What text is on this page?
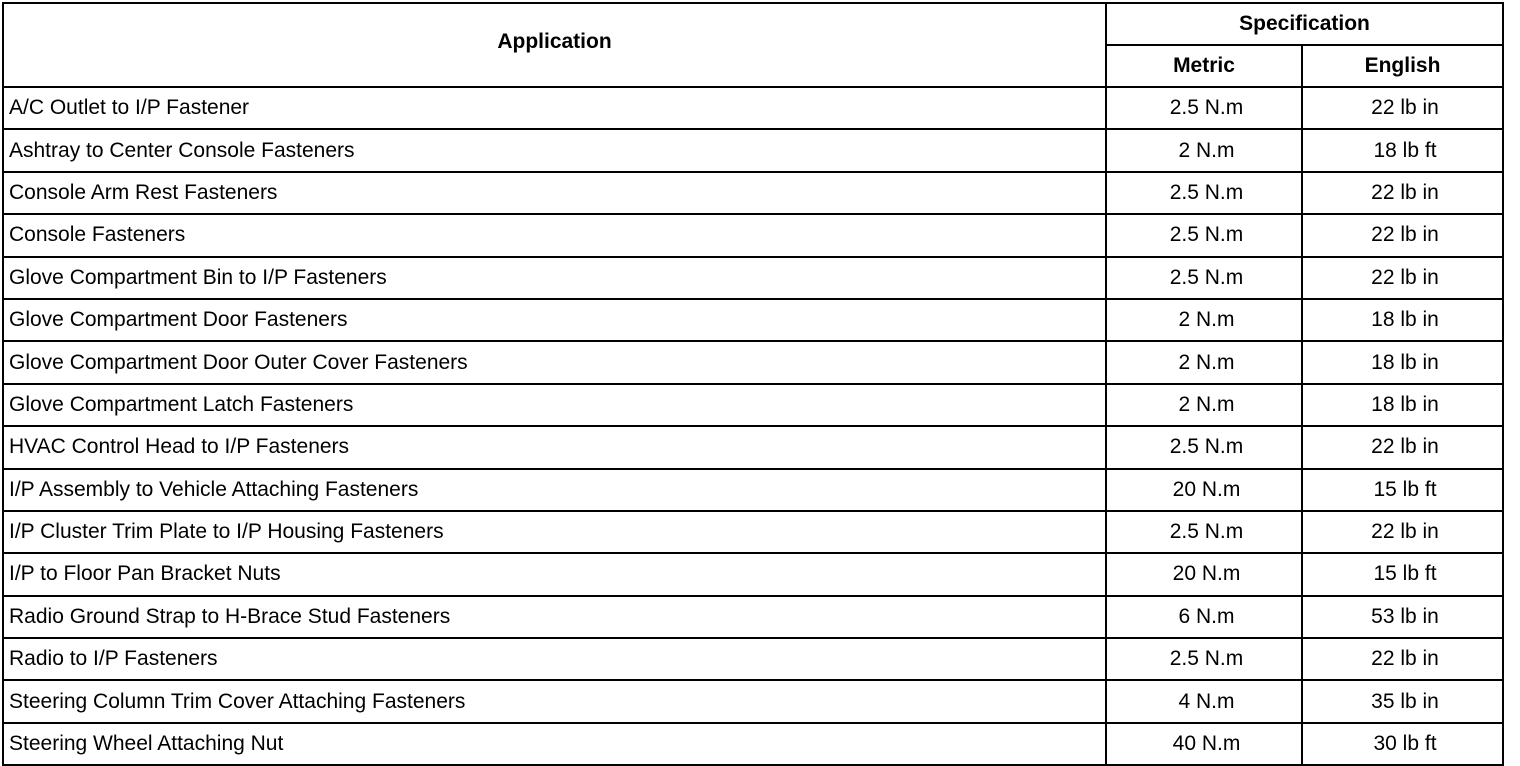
Application	Specification	
	Metric	English
A/C Outlet to I/P Fastener	2.5 N.m	22 lb in
Ashtray to Center Console Fasteners	2 N.m	18 lb ft
Console Arm Rest Fasteners	2.5 N.m	22 lb in
Console Fasteners	2.5 N.m	22 lb in
Glove Compartment Bin to I/P Fasteners	2.5 N.m	22 lb in
Glove Compartment Door Fasteners	2 N.m	18 lb in
Glove Compartment Door Outer Cover Fasteners	2 N.m	18 lb in
Glove Compartment Latch Fasteners	2 N.m	18 lb in
HVAC Control Head to I/P Fasteners	2.5 N.m	22 lb in
I/P Assembly to Vehicle Attaching Fasteners	20 N.m	15 lb ft
I/P Cluster Trim Plate to I/P Housing Fasteners	2.5 N.m	22 lb in
I/P to Floor Pan Bracket Nuts	20 N.m	15 lb ft
Radio Ground Strap to H-Brace Stud Fasteners	6 N.m	53 lb in
Radio to I/P Fasteners	2.5 N.m	22 lb in
Steering Column Trim Cover Attaching Fasteners	4 N.m	35 lb in
Steering Wheel Attaching Nut	40 N.m	30 lb ft
